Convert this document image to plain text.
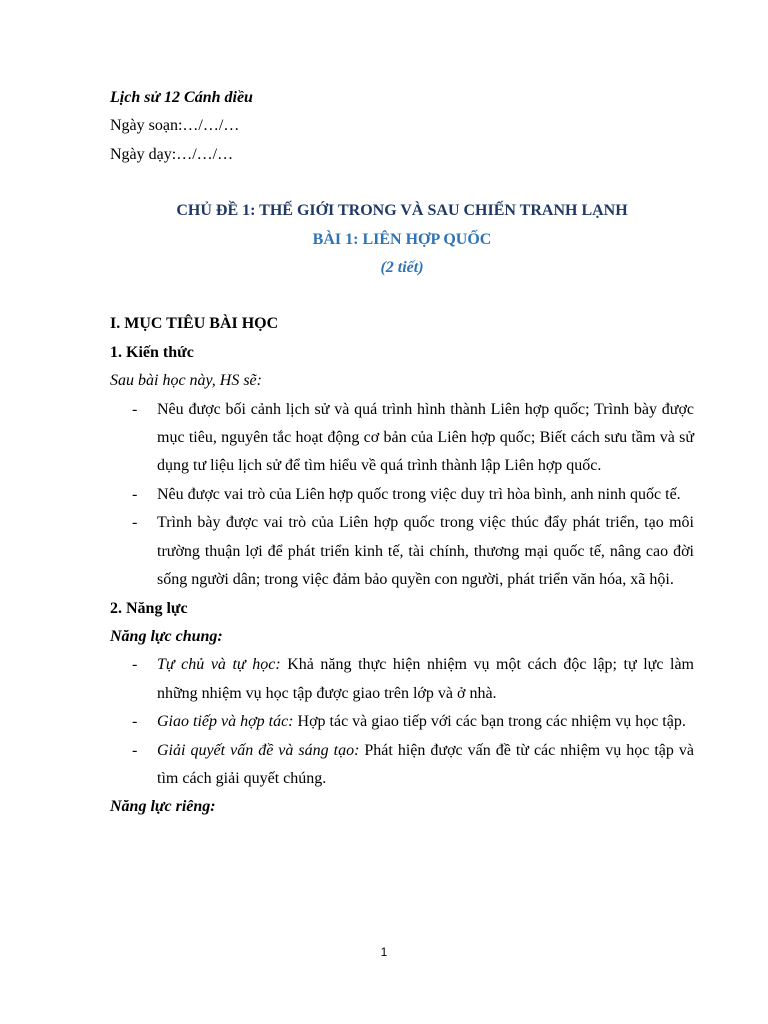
Lịch sử 12 Cánh diều

Ngày soạn:…/…/…

Ngày dạy:…/…/…

CHỦ ĐỀ 1: THẾ GIỚI TRONG VÀ SAU CHIẾN TRANH LẠNH

BÀI 1: LIÊN HỢP QUỐC

(2 tiết)

I. MỤC TIÊU BÀI HỌC

1. Kiến thức

Sau bài học này, HS sẽ:

- Nêu được bối cảnh lịch sử và quá trình hình thành Liên hợp quốc; Trình bày được mục tiêu, nguyên tắc hoạt động cơ bản của Liên hợp quốc; Biết cách sưu tầm và sử dụng tư liệu lịch sử để tìm hiểu về quá trình thành lập Liên hợp quốc.
- Nêu được vai trò của Liên hợp quốc trong việc duy trì hòa bình, anh ninh quốc tế.
- Trình bày được vai trò của Liên hợp quốc trong việc thúc đẩy phát triển, tạo môi trường thuận lợi để phát triển kinh tế, tài chính, thương mại quốc tế, nâng cao đời sống người dân; trong việc đảm bảo quyền con người, phát triển văn hóa, xã hội.

2. Năng lực

Năng lực chung:

- Tự chủ và tự học: Khả năng thực hiện nhiệm vụ một cách độc lập; tự lực làm những nhiệm vụ học tập được giao trên lớp và ở nhà.
- Giao tiếp và hợp tác: Hợp tác và giao tiếp với các bạn trong các nhiệm vụ học tập.
- Giải quyết vấn đề và sáng tạo: Phát hiện được vấn đề từ các nhiệm vụ học tập và tìm cách giải quyết chúng.

Năng lực riêng:

1
